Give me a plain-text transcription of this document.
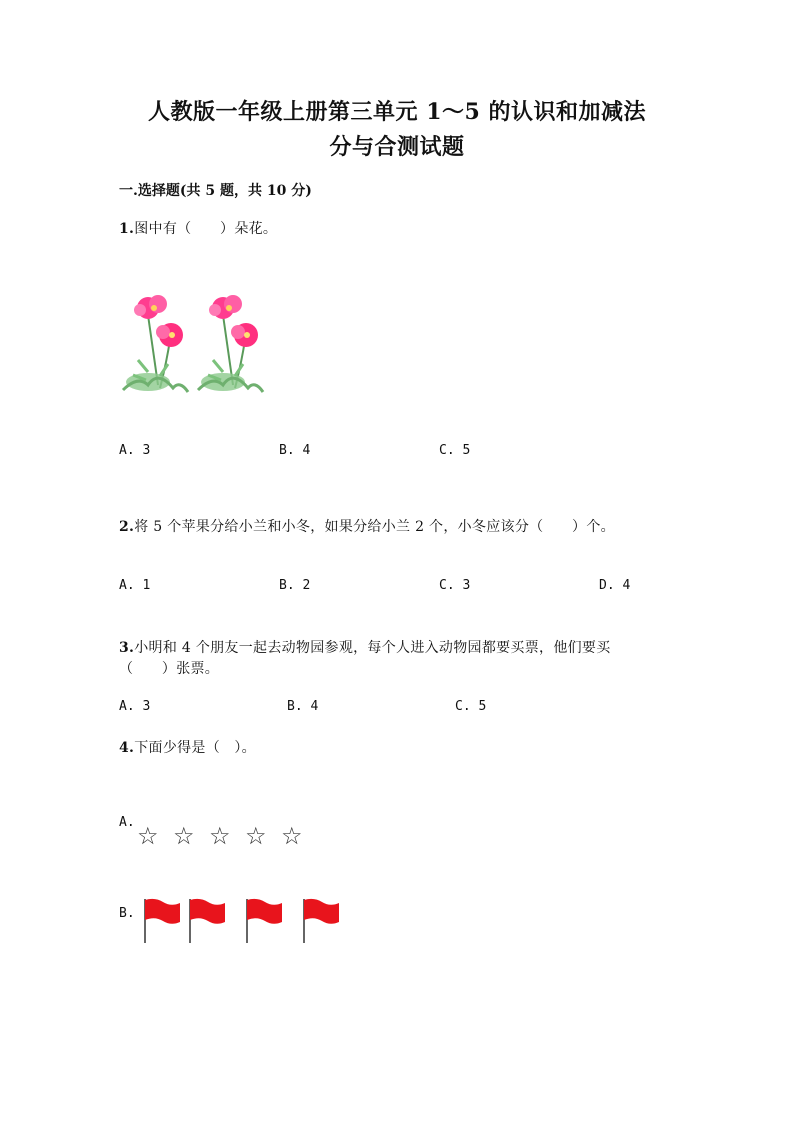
人教版一年级上册第三单元 1～5 的认识和加减法
分与合测试题
一.选择题(共 5 题，共 10 分)
1.图中有（　　）朵花。
A. 3	B. 4	C. 5
2.将 5 个苹果分给小兰和小冬，如果分给小兰 2 个，小冬应该分（　　）个。
A. 1	B. 2	C. 3	D. 4
3.小明和 4 个朋友一起去动物园参观，每个人进入动物园都要买票，他们要买
（　　）张票。
A. 3	B. 4	C. 5
4.下面少得是（　）。
A. ☆ ☆ ☆ ☆ ☆
B.
